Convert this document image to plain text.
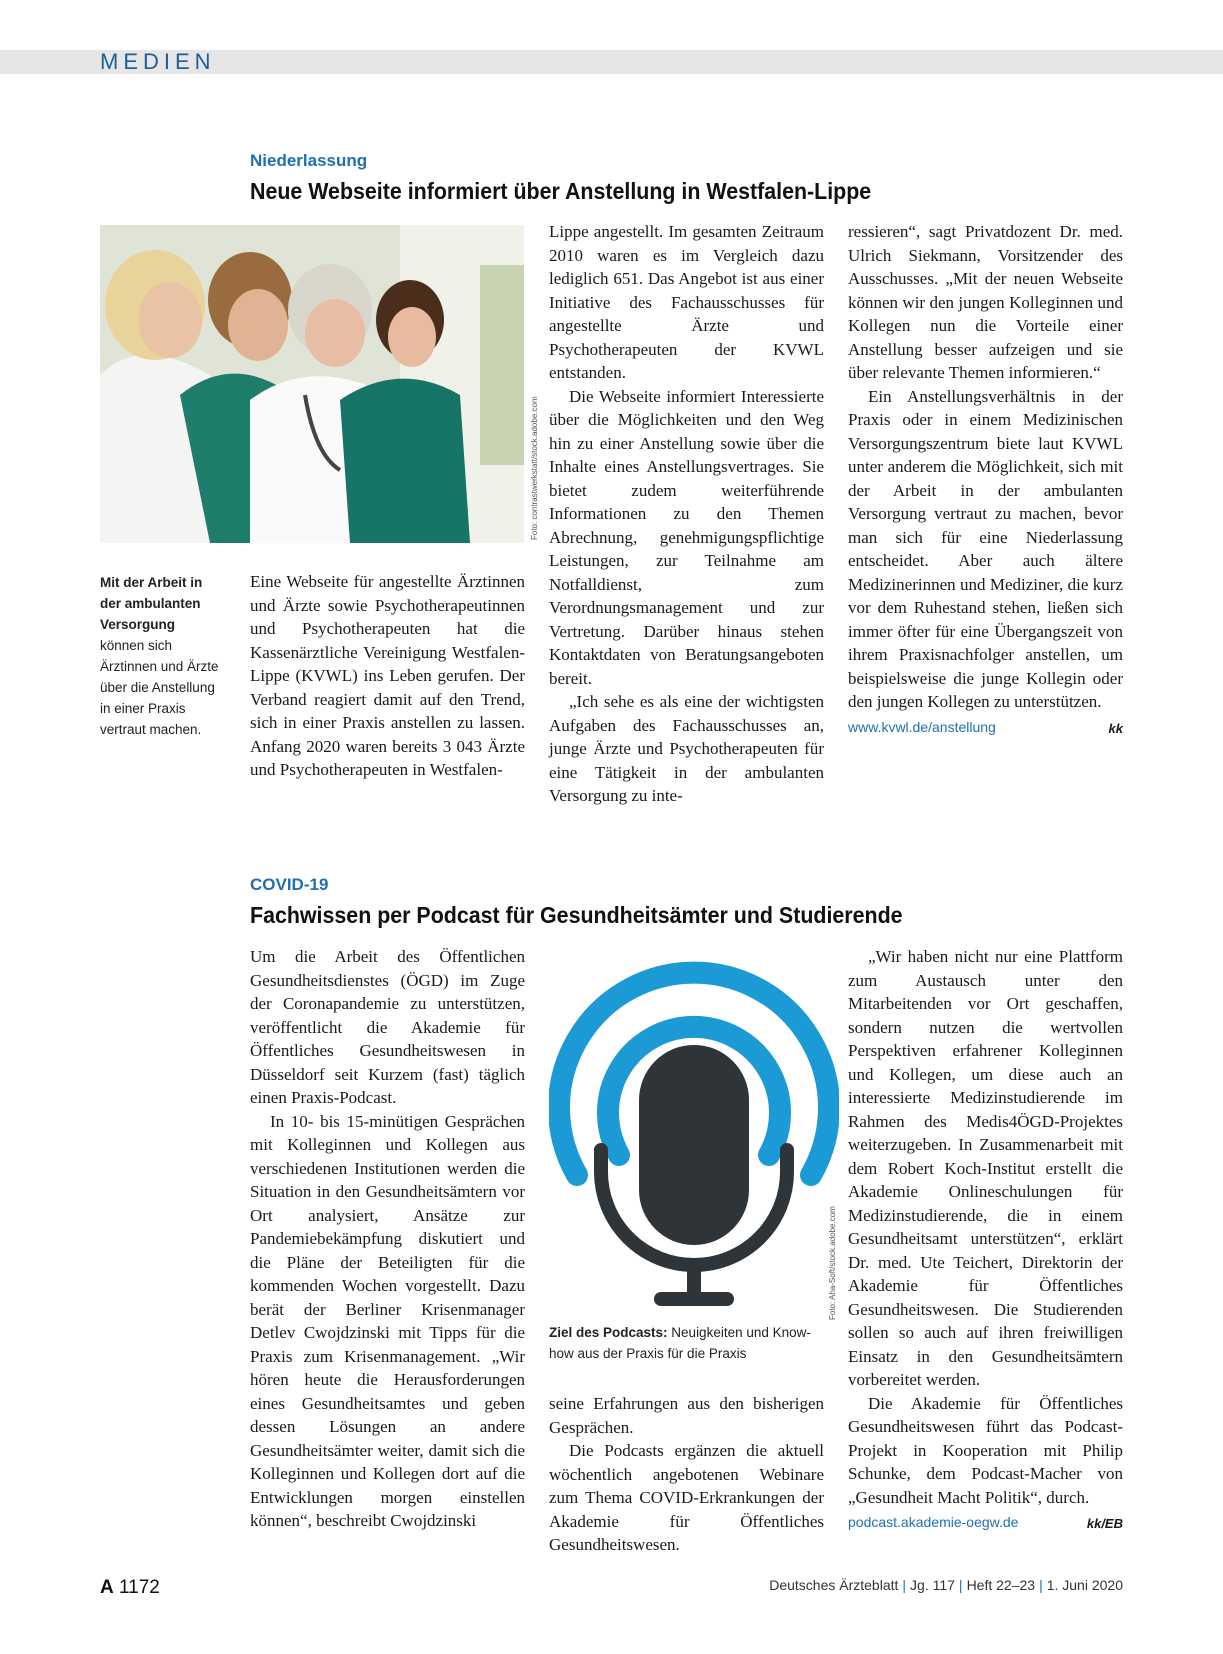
MEDIEN
Niederlassung
Neue Webseite informiert über Anstellung in Westfalen-Lippe
Foto: contrastwerkstatt/stock.adobe.com
Mit der Arbeit in der ambulanten Versorgung können sich Ärztinnen und Ärzte über die Anstellung in einer Praxis vertraut machen.

Eine Webseite für angestellte Ärztinnen und Ärzte sowie Psychotherapeutinnen und Psychotherapeuten hat die Kassenärztliche Vereinigung Westfalen-Lippe (KVWL) ins Leben gerufen. Der Verband reagiert damit auf den Trend, sich in einer Praxis anstellen zu lassen. Anfang 2020 waren bereits 3 043 Ärzte und Psychotherapeuten in Westfalen-

Lippe angestellt. Im gesamten Zeitraum 2010 waren es im Vergleich dazu lediglich 651. Das Angebot ist aus einer Initiative des Fachausschusses für angestellte Ärzte und Psychotherapeuten der KVWL entstanden.

Die Webseite informiert Interessierte über die Möglichkeiten und den Weg hin zu einer Anstellung sowie über die Inhalte eines Anstellungsvertrages. Sie bietet zudem weiterführende Informationen zu den Themen Abrechnung, genehmigungspflichtige Leistungen, zur Teilnahme am Notfalldienst, zum Verordnungsmanagement und zur Vertretung. Darüber hinaus stehen Kontaktdaten von Beratungsangeboten bereit.

„Ich sehe es als eine der wichtigsten Aufgaben des Fachausschusses an, junge Ärzte und Psychotherapeuten für eine Tätigkeit in der ambulanten Versorgung zu inte-

ressieren“, sagt Privatdozent Dr. med. Ulrich Siekmann, Vorsitzender des Ausschusses. „Mit der neuen Webseite können wir den jungen Kolleginnen und Kollegen nun die Vorteile einer Anstellung besser aufzeigen und sie über relevante Themen informieren.“

Ein Anstellungsverhältnis in der Praxis oder in einem Medizinischen Versorgungszentrum biete laut KVWL unter anderem die Möglichkeit, sich mit der Arbeit in der ambulanten Versorgung vertraut zu machen, bevor man sich für eine Niederlassung entscheidet. Aber auch ältere Medizinerinnen und Mediziner, die kurz vor dem Ruhestand stehen, ließen sich immer öfter für eine Übergangszeit von ihrem Praxisnachfolger anstellen, um beispielsweise die junge Kollegin oder den jungen Kollegen zu unterstützen.
kk

www.kvwl.de/anstellung
COVID-19
Fachwissen per Podcast für Gesundheitsämter und Studierende

Um die Arbeit des Öffentlichen Gesundheitsdienstes (ÖGD) im Zuge der Coronapandemie zu unterstützen, veröffentlicht die Akademie für Öffentliches Gesundheitswesen in Düsseldorf seit Kurzem (fast) täglich einen Praxis-Podcast.

In 10- bis 15-minütigen Gesprächen mit Kolleginnen und Kollegen aus verschiedenen Institutionen werden die Situation in den Gesundheitsämtern vor Ort analysiert, Ansätze zur Pandemiebekämpfung diskutiert und die Pläne der Beteiligten für die kommenden Wochen vorgestellt. Dazu berät der Berliner Krisenmanager Detlev Cwojdzinski mit Tipps für die Praxis zum Krisenmanagement. „Wir hören heute die Herausforderungen eines Gesundheitsamtes und geben dessen Lösungen an andere Gesundheitsämter weiter, damit sich die Kolleginnen und Kollegen dort auf die Entwicklungen morgen einstellen können“, beschreibt Cwojdzinski

Foto: Aha-Soft/stock.adobe.com
Ziel des Podcasts: Neuigkeiten und Know-how aus der Praxis für die Praxis

seine Erfahrungen aus den bisherigen Gesprächen.

Die Podcasts ergänzen die aktuell wöchentlich angebotenen Webinare zum Thema COVID-Erkrankungen der Akademie für Öffentliches Gesundheitswesen.

„Wir haben nicht nur eine Plattform zum Austausch unter den Mitarbeitenden vor Ort geschaffen, sondern nutzen die wertvollen Perspektiven erfahrener Kolleginnen und Kollegen, um diese auch an interessierte Medizinstudierende im Rahmen des Medis4ÖGD-Projektes weiterzugeben. In Zusammenarbeit mit dem Robert Koch-Institut erstellt die Akademie Onlineschulungen für Medizinstudierende, die in einem Gesundheitsamt unterstützen“, erklärt Dr. med. Ute Teichert, Direktorin der Akademie für Öffentliches Gesundheitswesen. Die Studierenden sollen so auch auf ihren freiwilligen Einsatz in den Gesundheitsämtern vorbereitet werden.

Die Akademie für Öffentliches Gesundheitswesen führt das Podcast-Projekt in Kooperation mit Philip Schunke, dem Podcast-Macher von „Gesundheit Macht Politik“, durch.
kk/EB

podcast.akademie-oegw.de
A 1172	Deutsches Ärzteblatt | Jg. 117 | Heft 22–23 | 1. Juni 2020
